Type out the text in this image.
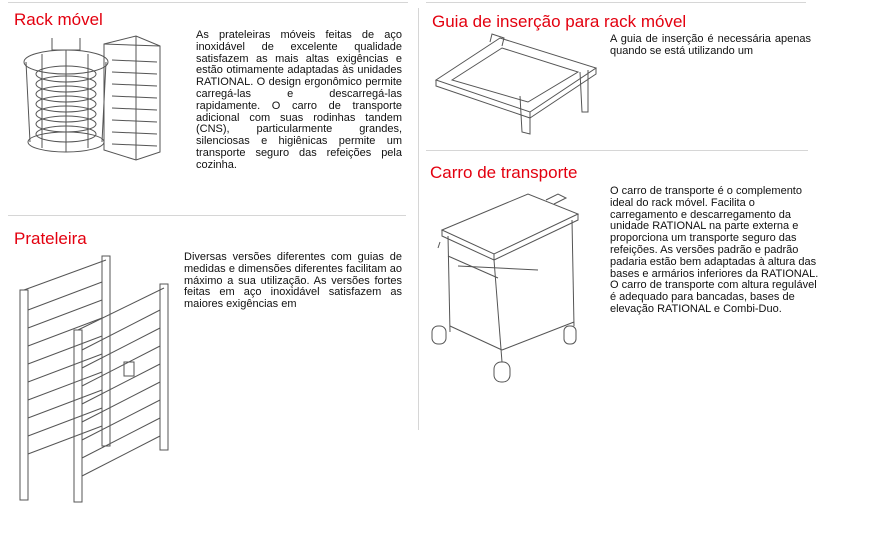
Rack móvel
As prateleiras móveis feitas de aço inoxidável de excelente qualidade satisfazem as mais altas exigências e estão otimamente adaptadas às unidades RATIONAL. O design ergonômico permite carregá-las e descarregá-las rapidamente. O carro de transporte adicional com suas rodinhas tandem (CNS), particularmente grandes, silenciosas e higiênicas permite um transporte seguro das refeições pela cozinha.
Prateleira
Diversas versões diferentes com guias de medidas e dimensões diferentes facilitam ao máximo a sua utilização. As versões fortes feitas em aço inoxidável satisfazem as maiores exigências em
Guia de inserção para rack móvel
A guia de inserção é necessária apenas quando se está utilizando um
Carro de transporte
O carro de transporte é o complemento ideal do rack móvel. Facilita o carregamento e descarregamento da unidade RATIONAL na parte externa e proporciona um transporte seguro das refeições. As versões padrão e padrão padaria estão bem adaptadas à altura das bases e armários inferiores da RATIONAL. O carro de transporte com altura regulável é adequado para bancadas, bases de elevação RATIONAL e Combi-Duo.
